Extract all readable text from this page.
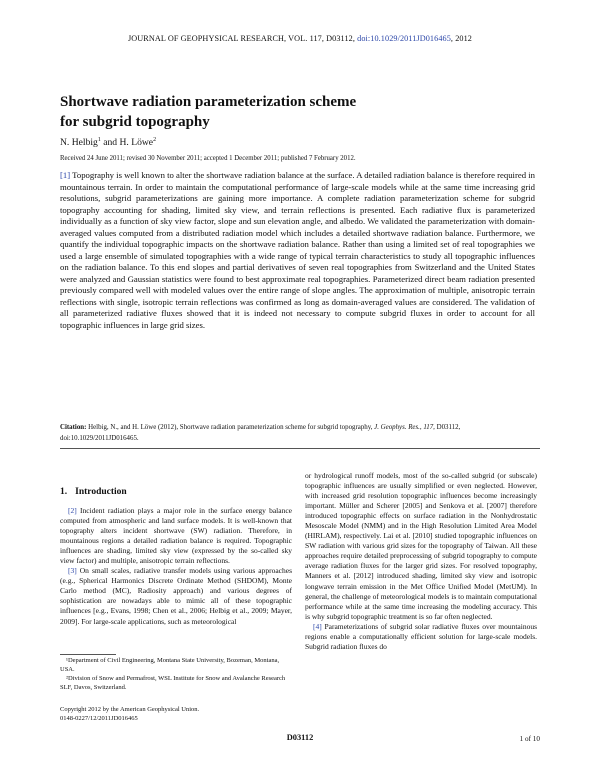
JOURNAL OF GEOPHYSICAL RESEARCH, VOL. 117, D03112, doi:10.1029/2011JD016465, 2012
Shortwave radiation parameterization scheme
for subgrid topography
N. Helbig$^1$ and H. Löwe$^2$
Received 24 June 2011; revised 30 November 2011; accepted 1 December 2011; published 7 February 2012.
[1] Topography is well known to alter the shortwave radiation balance at the surface. A detailed radiation balance is therefore required in mountainous terrain. In order to maintain the computational performance of large-scale models while at the same time increasing grid resolutions, subgrid parameterizations are gaining more importance. A complete radiation parameterization scheme for subgrid topography accounting for shading, limited sky view, and terrain reflections is presented. Each radiative flux is parameterized individually as a function of sky view factor, slope and sun elevation angle, and albedo. We validated the parameterization with domain-averaged values computed from a distributed radiation model which includes a detailed shortwave radiation balance. Furthermore, we quantify the individual topographic impacts on the shortwave radiation balance. Rather than using a limited set of real topographies we used a large ensemble of simulated topographies with a wide range of typical terrain characteristics to study all topographic influences on the radiation balance. To this end slopes and partial derivatives of seven real topographies from Switzerland and the United States were analyzed and Gaussian statistics were found to best approximate real topographies. Parameterized direct beam radiation presented previously compared well with modeled values over the entire range of slope angles. The approximation of multiple, anisotropic terrain reflections with single, isotropic terrain reflections was confirmed as long as domain-averaged values are considered. The validation of all parameterized radiative fluxes showed that it is indeed not necessary to compute subgrid fluxes in order to account for all topographic influences in large grid sizes.
Citation: Helbig, N., and H. Löwe (2012), Shortwave radiation parameterization scheme for subgrid topography, J. Geophys. Res., 117, D03112, doi:10.1029/2011JD016465.
1. Introduction

[2] Incident radiation plays a major role in the surface energy balance computed from atmospheric and land surface models. It is well-known that topography alters incident shortwave (SW) radiation. Therefore, in mountainous regions a detailed radiation balance is required. Topographic influences are shading, limited sky view (expressed by the so-called sky view factor) and multiple, anisotropic terrain reflections.

[3] On small scales, radiative transfer models using various approaches (e.g., Spherical Harmonics Discrete Ordinate Method (SHDOM), Monte Carlo method (MC), Radiosity approach) and various degrees of sophistication are nowadays able to mimic all of these topographic influences [e.g., Evans, 1998; Chen et al., 2006; Helbig et al., 2009; Mayer, 2009]. For large-scale applications, such as meteorological

¹Department of Civil Engineering, Montana State University, Bozeman, Montana, USA.

²Division of Snow and Permafrost, WSL Institute for Snow and Avalanche Research SLF, Davos, Switzerland.

Copyright 2012 by the American Geophysical Union.
0148-0227/12/2011JD016465

or hydrological runoff models, most of the so-called subgrid (or subscale) topographic influences are usually simplified or even neglected. However, with increased grid resolution topographic influences become increasingly important. Müller and Scherer [2005] and Senkova et al. [2007] therefore introduced topographic effects on surface radiation in the Nonhydrostatic Mesoscale Model (NMM) and in the High Resolution Limited Area Model (HIRLAM), respectively. Lai et al. [2010] studied topographic influences on SW radiation with various grid sizes for the topography of Taiwan. All these approaches require detailed preprocessing of subgrid topography to compute average radiation fluxes for the larger grid sizes. For resolved topography, Manners et al. [2012] introduced shading, limited sky view and isotropic longwave terrain emission in the Met Office Unified Model (MetUM). In general, the challenge of meteorological models is to maintain computational performance while at the same time increasing the modeling accuracy. This is why subgrid topographic treatment is so far often neglected.

[4] Parameterizations of subgrid solar radiative fluxes over mountainous regions enable a computationally efficient solution for large-scale models. Subgrid radiation fluxes do

D03112	1 of 10
